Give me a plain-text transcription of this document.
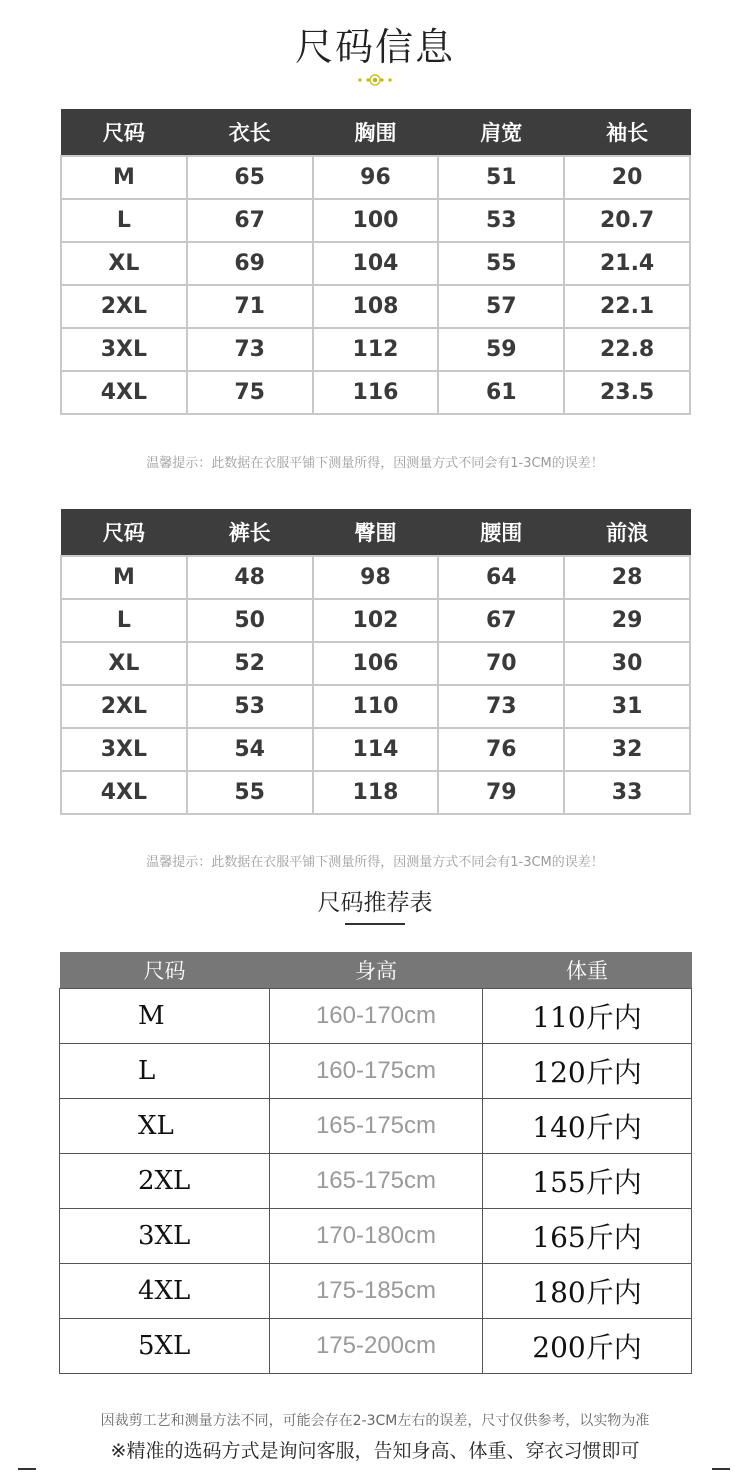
尺码信息
尺码	衣长	胸围	肩宽	袖长
M	65	96	51	20
L	67	100	53	20.7
XL	69	104	55	21.4
2XL	71	108	57	22.1
3XL	73	112	59	22.8
4XL	75	116	61	23.5
温馨提示：此数据在衣服平铺下测量所得，因测量方式不同会有1-3CM的误差！
尺码	裤长	臀围	腰围	前浪
M	48	98	64	28
L	50	102	67	29
XL	52	106	70	30
2XL	53	110	73	31
3XL	54	114	76	32
4XL	55	118	79	33
温馨提示：此数据在衣服平铺下测量所得，因测量方式不同会有1-3CM的误差！
尺码推荐表
尺码	身高	体重
M	160-170cm	110斤内
L	160-175cm	120斤内
XL	165-175cm	140斤内
2XL	165-175cm	155斤内
3XL	170-180cm	165斤内
4XL	175-185cm	180斤内
5XL	175-200cm	200斤内
因裁剪工艺和测量方法不同，可能会存在2-3CM左右的误差，尺寸仅供参考，以实物为准
※精准的选码方式是询问客服，告知身高、体重、穿衣习惯即可
